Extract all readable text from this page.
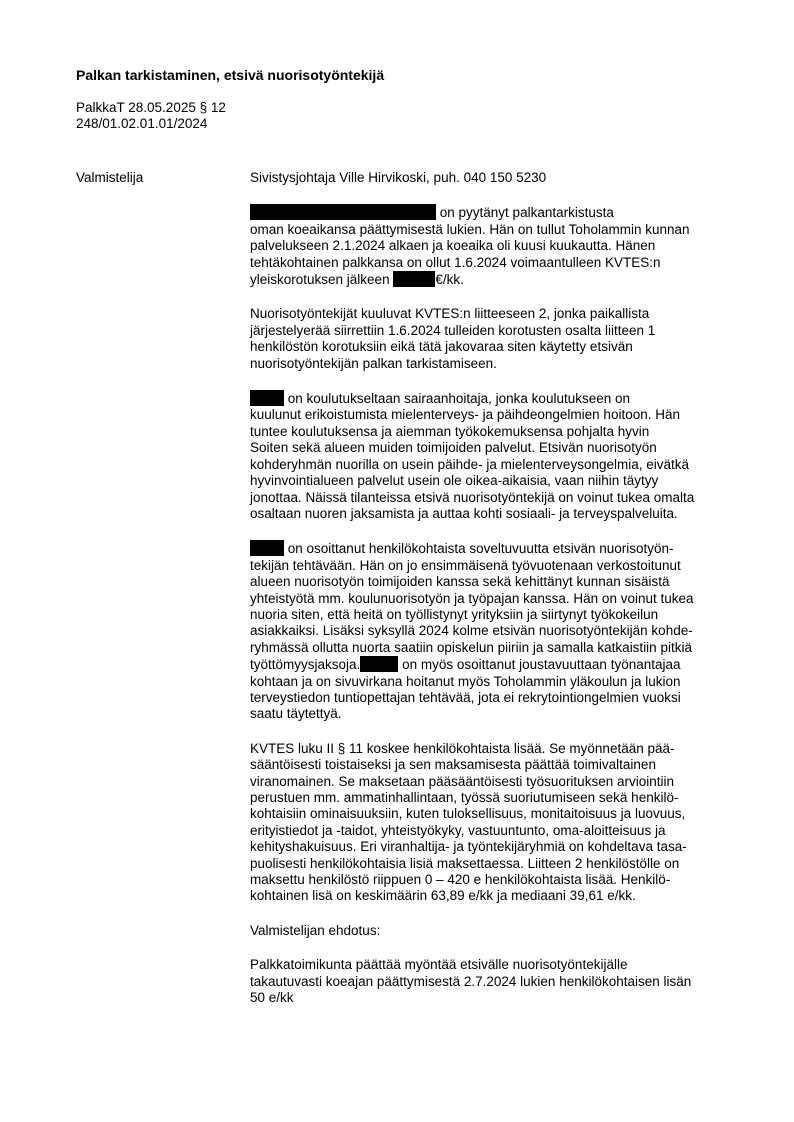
Palkan tarkistaminen, etsivä nuorisotyöntekijä
PalkkaT 28.05.2025 § 12
248/01.02.01.01/2024
Valmistelija	Sivistysjohtaja Ville Hirvikoski, puh. 040 150 5230

on pyytänyt palkantarkistusta
oman koeaikansa päättymisestä lukien. Hän on tullut Toholammin kunnan
palvelukseen 2.1.2024 alkaen ja koeaika oli kuusi kuukautta. Hänen
tehtäkohtainen palkkansa on ollut 1.6.2024 voimaantulleen KVTES:n
yleiskorotuksen jälkeen	€/kk.

Nuorisotyöntekijät kuuluvat KVTES:n liitteeseen 2, jonka paikallista
järjestelyerää siirrettiin 1.6.2024 tulleiden korotusten osalta liitteen 1
henkilöstön korotuksiin eikä tätä jakovaraa siten käytetty etsivän
nuorisotyöntekijän palkan tarkistamiseen.

on koulutukseltaan sairaanhoitaja, jonka koulutukseen on
kuulunut erikoistumista mielenterveys- ja päihdeongelmien hoitoon. Hän
tuntee koulutuksensa ja aiemman työkokemuksensa pohjalta hyvin
Soiten sekä alueen muiden toimijoiden palvelut. Etsivän nuorisotyön
kohderyhmän nuorilla on usein päihde- ja mielenterveysongelmia, eivätkä
hyvinvointialueen palvelut usein ole oikea-aikaisia, vaan niihin täytyy
jonottaa. Näissä tilanteissa etsivä nuorisotyöntekijä on voinut tukea omalta
osaltaan nuoren jaksamista ja auttaa kohti sosiaali- ja terveyspalveluita.

on osoittanut henkilökohtaista soveltuvuutta etsivän nuorisotyön-
tekijän tehtävään. Hän on jo ensimmäisenä työvuotenaan verkostoitunut
alueen nuorisotyön toimijoiden kanssa sekä kehittänyt kunnan sisäistä
yhteistyötä mm. koulunuorisotyön ja työpajan kanssa. Hän on voinut tukea
nuoria siten, että heitä on työllistynyt yrityksiin ja siirtynyt työkokeilun
asiakkaiksi. Lisäksi syksyllä 2024 kolme etsivän nuorisotyöntekijän kohde-
ryhmässä ollutta nuorta saatiin opiskelun piiriin ja samalla katkaistiin pitkiä
työttömyysjaksoja.	on myös osoittanut joustavuuttaan työnantajaa
kohtaan ja on sivuvirkana hoitanut myös Toholammin yläkoulun ja lukion
terveystiedon tuntiopettajan tehtävää, jota ei rekrytointiongelmien vuoksi
saatu täytettyä.

KVTES luku II § 11 koskee henkilökohtaista lisää. Se myönnetään pää-
sääntöisesti toistaiseksi ja sen maksamisesta päättää toimivaltainen
viranomainen. Se maksetaan pääsääntöisesti työsuorituksen arviointiin
perustuen mm. ammatinhallintaan, työssä suoriutumiseen sekä henkilö-
kohtaisiin ominaisuuksiin, kuten tuloksellisuus, monitaitoisuus ja luovuus,
erityistiedot ja -taidot, yhteistyökyky, vastuuntunto, oma-aloitteisuus ja
kehityshakuisuus. Eri viranhaltija- ja työntekijäryhmiä on kohdeltava tasa-
puolisesti henkilökohtaisia lisiä maksettaessa. Liitteen 2 henkilöstölle on
maksettu henkilöstö riippuen 0 – 420 e henkilökohtaista lisää. Henkilö-
kohtainen lisä on keskimäärin 63,89 e/kk ja mediaani 39,61 e/kk.

Valmistelijan ehdotus:

Palkkatoimikunta päättää myöntää etsivälle nuorisotyöntekijälle
takautuvasti koeajan päättymisestä 2.7.2024 lukien henkilökohtaisen lisän
50 e/kk
